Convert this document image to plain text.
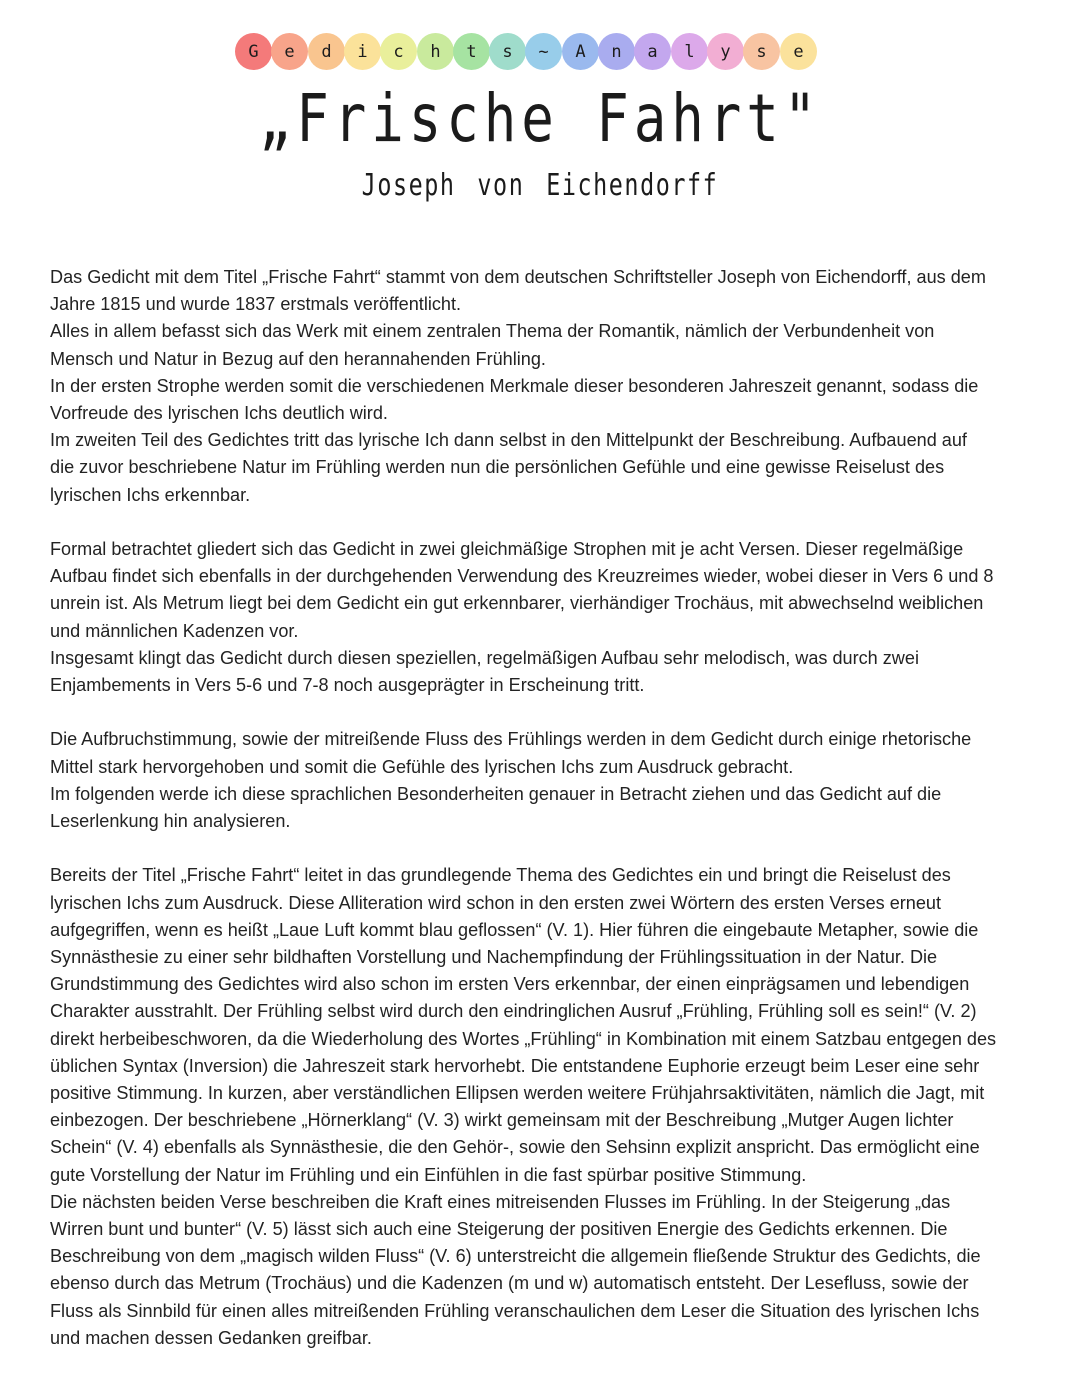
G	e	d	i	c	h	t	s	~	A	n	a	l	y	s	e
„Frische Fahrt"
Joseph von Eichendorff

Das Gedicht mit dem Titel „Frische Fahrt“ stammt von dem deutschen Schriftsteller Joseph von Eichendorff, aus dem
Jahre 1815 und wurde 1837 erstmals veröffentlicht.
Alles in allem befasst sich das Werk mit einem zentralen Thema der Romantik, nämlich der Verbundenheit von
Mensch und Natur in Bezug auf den herannahenden Frühling.
In der ersten Strophe werden somit die verschiedenen Merkmale dieser besonderen Jahreszeit genannt, sodass die
Vorfreude des lyrischen Ichs deutlich wird.
Im zweiten Teil des Gedichtes tritt das lyrische Ich dann selbst in den Mittelpunkt der Beschreibung. Aufbauend auf
die zuvor beschriebene Natur im Frühling werden nun die persönlichen Gefühle und eine gewisse Reiselust des
lyrischen Ichs erkennbar.

Formal betrachtet gliedert sich das Gedicht in zwei gleichmäßige Strophen mit je acht Versen. Dieser regelmäßige
Aufbau findet sich ebenfalls in der durchgehenden Verwendung des Kreuzreimes wieder, wobei dieser in Vers 6 und 8
unrein ist. Als Metrum liegt bei dem Gedicht ein gut erkennbarer, vierhändiger Trochäus, mit abwechselnd weiblichen
und männlichen Kadenzen vor.
Insgesamt klingt das Gedicht durch diesen speziellen, regelmäßigen Aufbau sehr melodisch, was durch zwei
Enjambements in Vers 5-6 und 7-8 noch ausgeprägter in Erscheinung tritt.

Die Aufbruchstimmung, sowie der mitreißende Fluss des Frühlings werden in dem Gedicht durch einige rhetorische
Mittel stark hervorgehoben und somit die Gefühle des lyrischen Ichs zum Ausdruck gebracht.
Im folgenden werde ich diese sprachlichen Besonderheiten genauer in Betracht ziehen und das Gedicht auf die
Leserlenkung hin analysieren.

Bereits der Titel „Frische Fahrt“ leitet in das grundlegende Thema des Gedichtes ein und bringt die Reiselust des
lyrischen Ichs zum Ausdruck. Diese Alliteration wird schon in den ersten zwei Wörtern des ersten Verses erneut
aufgegriffen, wenn es heißt „Laue Luft kommt blau geflossen“ (V. 1). Hier führen die eingebaute Metapher, sowie die
Synnästhesie zu einer sehr bildhaften Vorstellung und Nachempfindung der Frühlingssituation in der Natur. Die
Grundstimmung des Gedichtes wird also schon im ersten Vers erkennbar, der einen einprägsamen und lebendigen
Charakter ausstrahlt. Der Frühling selbst wird durch den eindringlichen Ausruf „Frühling, Frühling soll es sein!“ (V. 2)
direkt herbeibeschworen, da die Wiederholung des Wortes „Frühling“ in Kombination mit einem Satzbau entgegen des
üblichen Syntax (Inversion) die Jahreszeit stark hervorhebt. Die entstandene Euphorie erzeugt beim Leser eine sehr
positive Stimmung. In kurzen, aber verständlichen Ellipsen werden weitere Frühjahrsaktivitäten, nämlich die Jagt, mit
einbezogen. Der beschriebene „Hörnerklang“ (V. 3) wirkt gemeinsam mit der Beschreibung „Mutger Augen lichter
Schein“ (V. 4) ebenfalls als Synnästhesie, die den Gehör-, sowie den Sehsinn explizit anspricht. Das ermöglicht eine
gute Vorstellung der Natur im Frühling und ein Einfühlen in die fast spürbar positive Stimmung.
Die nächsten beiden Verse beschreiben die Kraft eines mitreisenden Flusses im Frühling. In der Steigerung „das
Wirren bunt und bunter“ (V. 5) lässt sich auch eine Steigerung der positiven Energie des Gedichts erkennen. Die
Beschreibung von dem „magisch wilden Fluss“ (V. 6) unterstreicht die allgemein fließende Struktur des Gedichts, die
ebenso durch das Metrum (Trochäus) und die Kadenzen (m und w) automatisch entsteht. Der Lesefluss, sowie der
Fluss als Sinnbild für einen alles mitreißenden Frühling veranschaulichen dem Leser die Situation des lyrischen Ichs
und machen dessen Gedanken greifbar.
